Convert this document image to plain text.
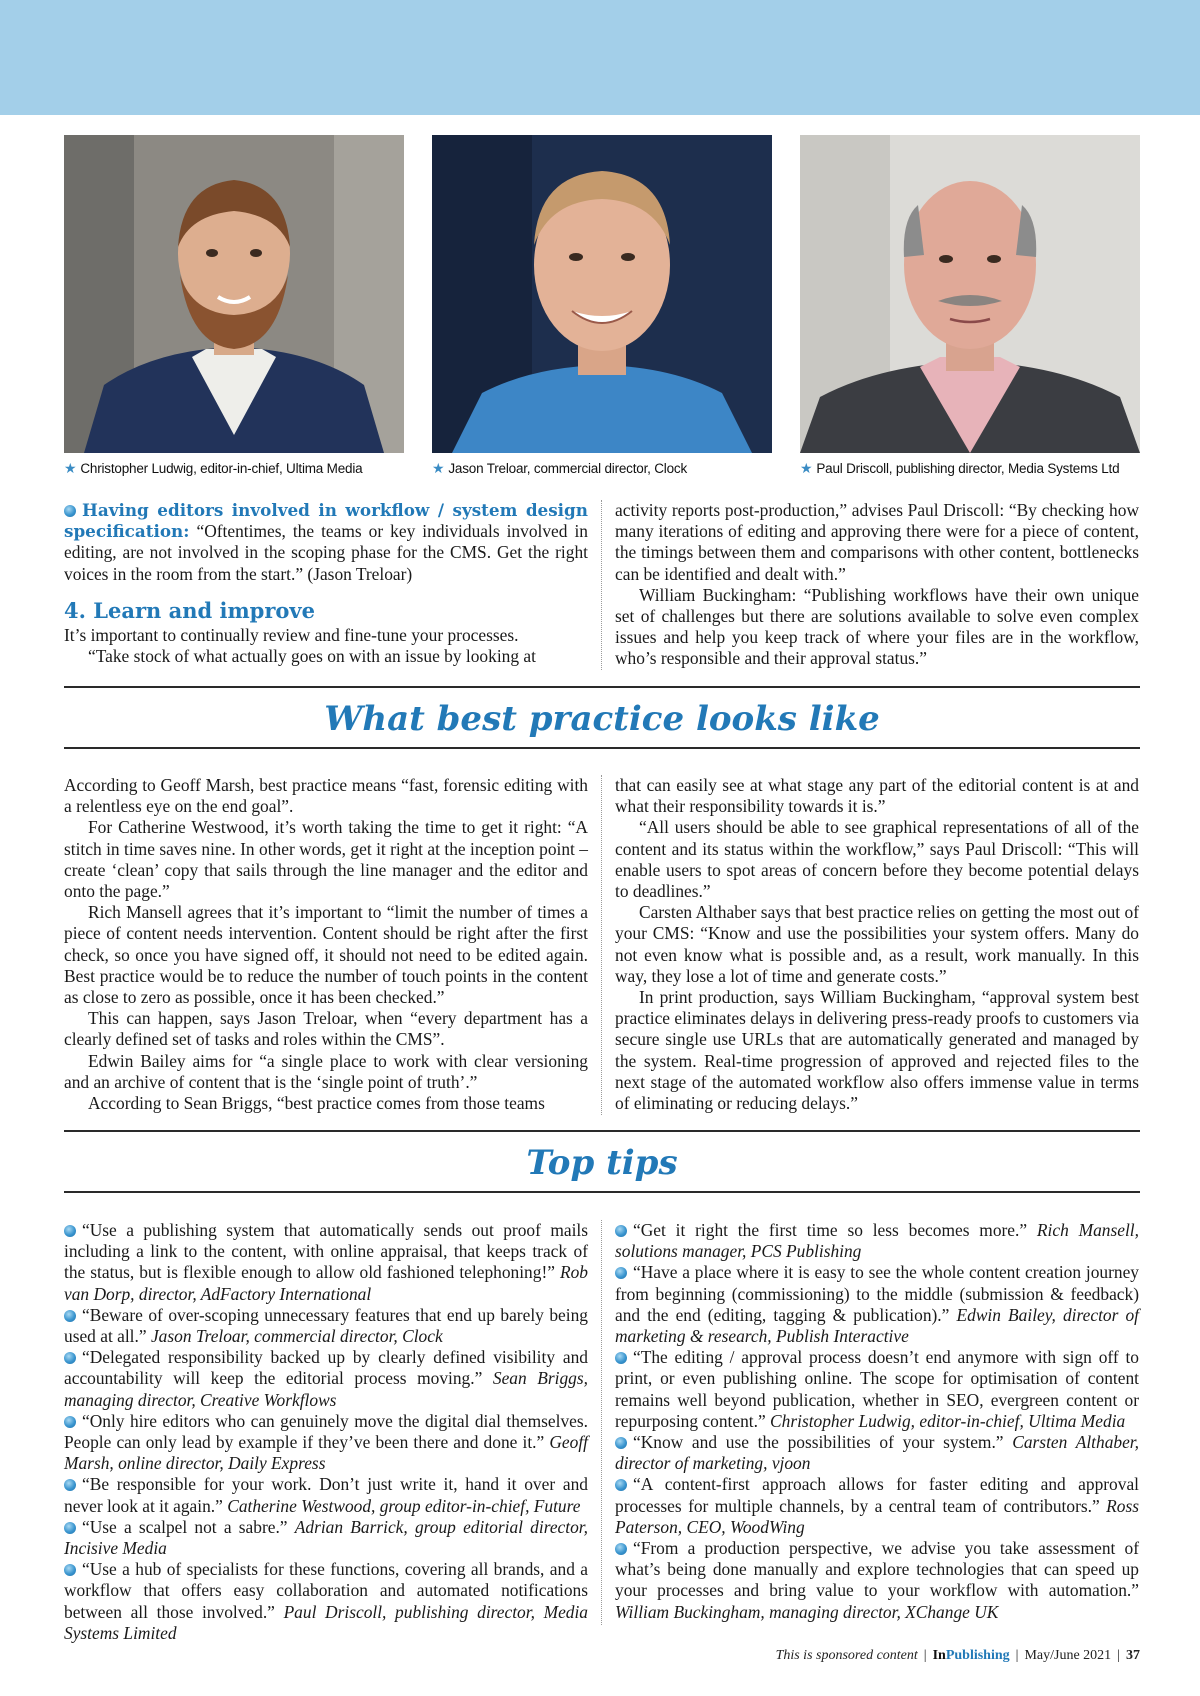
★ Christopher Ludwig, editor-in-chief, Ultima Media	★ Jason Treloar, commercial director, Clock	★ Paul Driscoll, publishing director, Media Systems Ltd

Having editors involved in workflow / system design specification: “Oftentimes, the teams or key individuals involved in editing, are not involved in the scoping phase for the CMS. Get the right voices in the room from the start.” (Jason Treloar)

4. Learn and improve

It’s important to continually review and fine-tune your processes.

“Take stock of what actually goes on with an issue by looking at

activity reports post-production,” advises Paul Driscoll: “By checking how many iterations of editing and approving there were for a piece of content, the timings between them and comparisons with other content, bottlenecks can be identified and dealt with.”

William Buckingham: “Publishing workflows have their own unique set of challenges but there are solutions available to solve even complex issues and help you keep track of where your files are in the workflow, who’s responsible and their approval status.”

What best practice looks like

According to Geoff Marsh, best practice means “fast, forensic editing with a relentless eye on the end goal”.

For Catherine Westwood, it’s worth taking the time to get it right: “A stitch in time saves nine. In other words, get it right at the inception point – create ‘clean’ copy that sails through the line manager and the editor and onto the page.”

Rich Mansell agrees that it’s important to “limit the number of times a piece of content needs intervention. Content should be right after the first check, so once you have signed off, it should not need to be edited again. Best practice would be to reduce the number of touch points in the content as close to zero as possible, once it has been checked.”

This can happen, says Jason Treloar, when “every department has a clearly defined set of tasks and roles within the CMS”.

Edwin Bailey aims for “a single place to work with clear versioning and an archive of content that is the ‘single point of truth’.”

According to Sean Briggs, “best practice comes from those teams

that can easily see at what stage any part of the editorial content is at and what their responsibility towards it is.”

“All users should be able to see graphical representations of all of the content and its status within the workflow,” says Paul Driscoll: “This will enable users to spot areas of concern before they become potential delays to deadlines.”

Carsten Althaber says that best practice relies on getting the most out of your CMS: “Know and use the possibilities your system offers. Many do not even know what is possible and, as a result, work manually. In this way, they lose a lot of time and generate costs.”

In print production, says William Buckingham, “approval system best practice eliminates delays in delivering press-ready proofs to customers via secure single use URLs that are automatically generated and managed by the system. Real-time progression of approved and rejected files to the next stage of the automated workflow also offers immense value in terms of eliminating or reducing delays.”

Top tips

“Use a publishing system that automatically sends out proof mails including a link to the content, with online appraisal, that keeps track of the status, but is flexible enough to allow old fashioned telephoning!” Rob van Dorp, director, AdFactory International

“Beware of over-scoping unnecessary features that end up barely being used at all.” Jason Treloar, commercial director, Clock

“Delegated responsibility backed up by clearly defined visibility and accountability will keep the editorial process moving.” Sean Briggs, managing director, Creative Workflows

“Only hire editors who can genuinely move the digital dial themselves. People can only lead by example if they’ve been there and done it.” Geoff Marsh, online director, Daily Express

“Be responsible for your work. Don’t just write it, hand it over and never look at it again.” Catherine Westwood, group editor-in-chief, Future

“Use a scalpel not a sabre.” Adrian Barrick, group editorial director, Incisive Media

“Use a hub of specialists for these functions, covering all brands, and a workflow that offers easy collaboration and automated notifications between all those involved.” Paul Driscoll, publishing director, Media Systems Limited

“Get it right the first time so less becomes more.” Rich Mansell, solutions manager, PCS Publishing

“Have a place where it is easy to see the whole content creation journey from beginning (commissioning) to the middle (submission & feedback) and the end (editing, tagging & publication).” Edwin Bailey, director of marketing & research, Publish Interactive

“The editing / approval process doesn’t end anymore with sign off to print, or even publishing online. The scope for optimisation of content remains well beyond publication, whether in SEO, evergreen content or repurposing content.” Christopher Ludwig, editor-in-chief, Ultima Media

“Know and use the possibilities of your system.” Carsten Althaber, director of marketing, vjoon

“A content-first approach allows for faster editing and approval processes for multiple channels, by a central team of contributors.” Ross Paterson, CEO, WoodWing

“From a production perspective, we advise you take assessment of what’s being done manually and explore technologies that can speed up your processes and bring value to your workflow with automation.” William Buckingham, managing director, XChange UK

This is sponsored content | InPublishing | May/June 2021 | 37
